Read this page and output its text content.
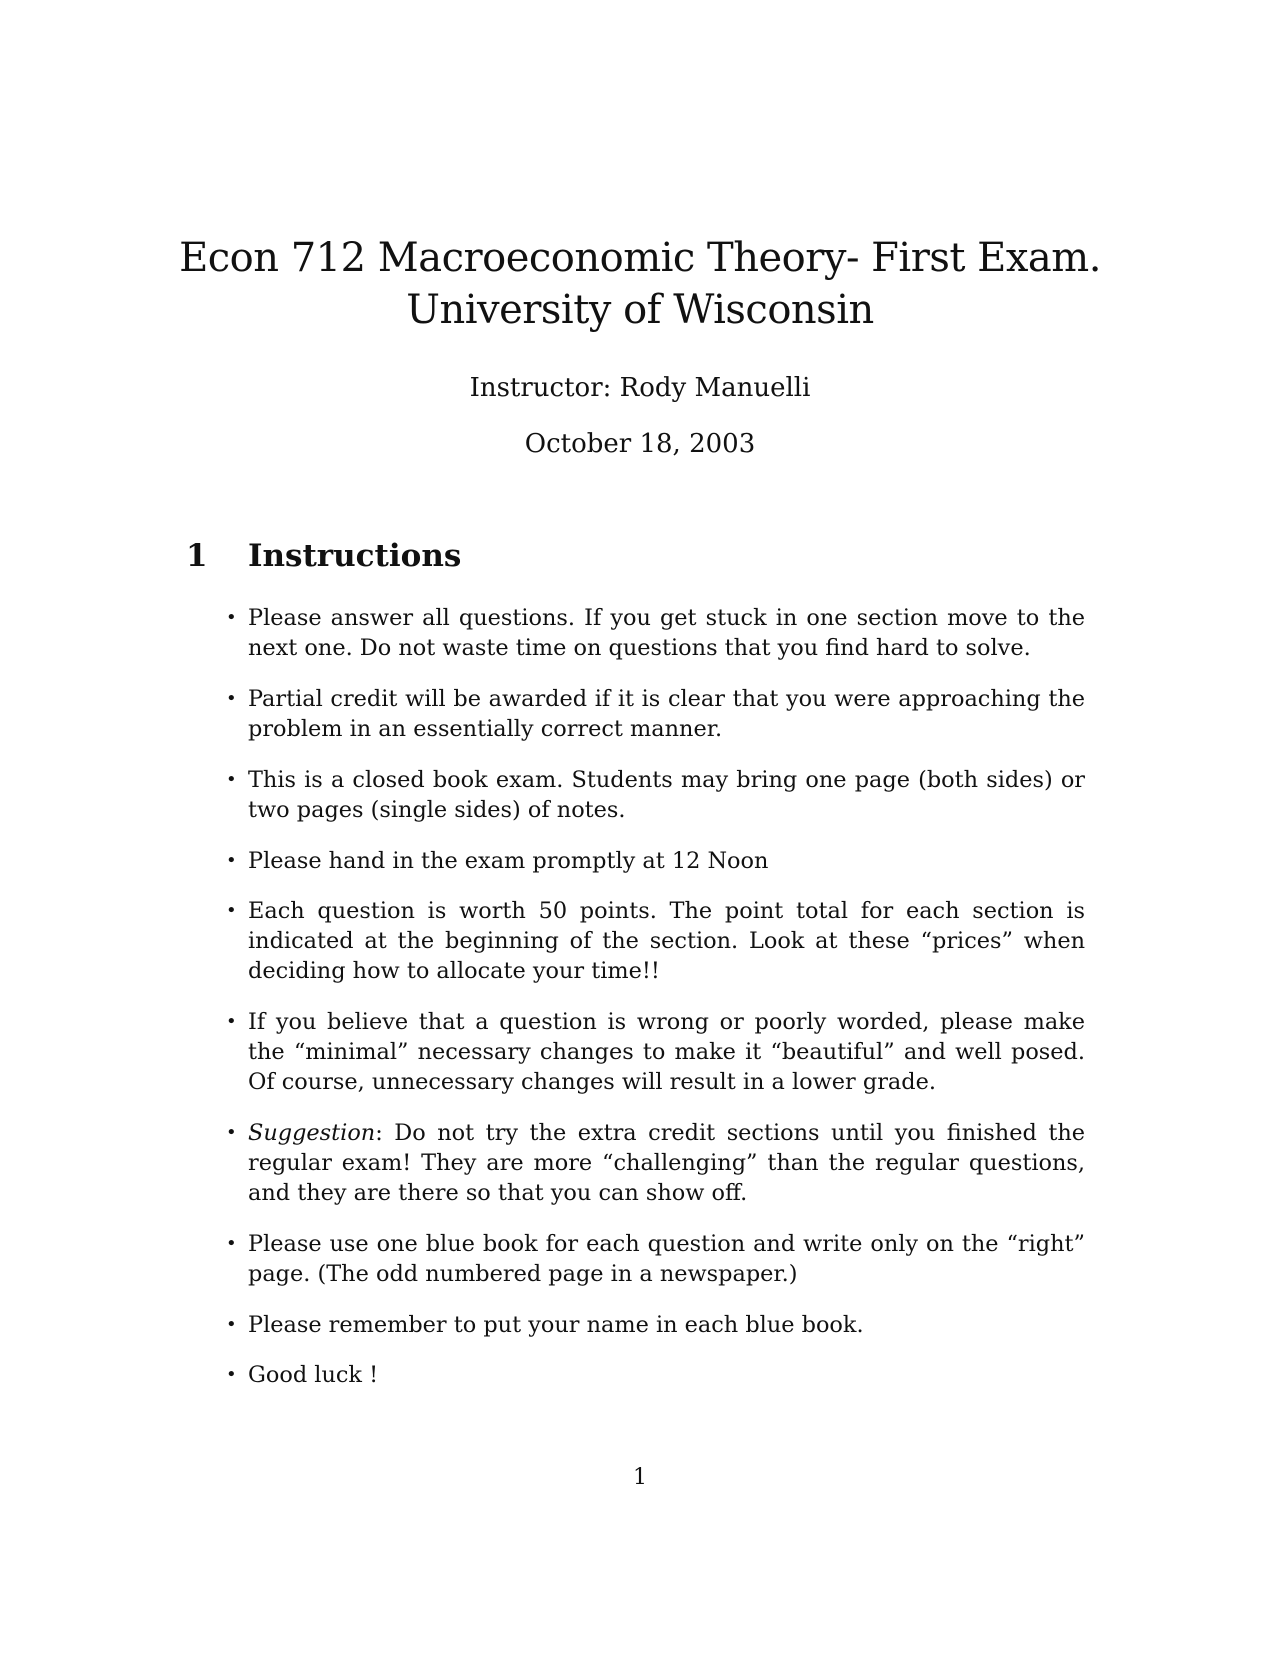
Econ 712 Macroeconomic Theory- First Exam.
University of Wisconsin
Instructor: Rody Manuelli
October 18, 2003
1 Instructions
• Please answer all questions. If you get stuck in one section move to the next one. Do not waste time on questions that you find hard to solve.
• Partial credit will be awarded if it is clear that you were approaching the problem in an essentially correct manner.
• This is a closed book exam. Students may bring one page (both sides) or two pages (single sides) of notes.
• Please hand in the exam promptly at 12 Noon
• Each question is worth 50 points. The point total for each section is indicated at the beginning of the section. Look at these “prices” when deciding how to allocate your time!!
• If you believe that a question is wrong or poorly worded, please make the “minimal” necessary changes to make it “beautiful” and well posed. Of course, unnecessary changes will result in a lower grade.
• Suggestion: Do not try the extra credit sections until you finished the regular exam! They are more “challenging” than the regular questions, and they are there so that you can show off.
• Please use one blue book for each question and write only on the “right” page. (The odd numbered page in a newspaper.)
• Please remember to put your name in each blue book.
• Good luck !
1
